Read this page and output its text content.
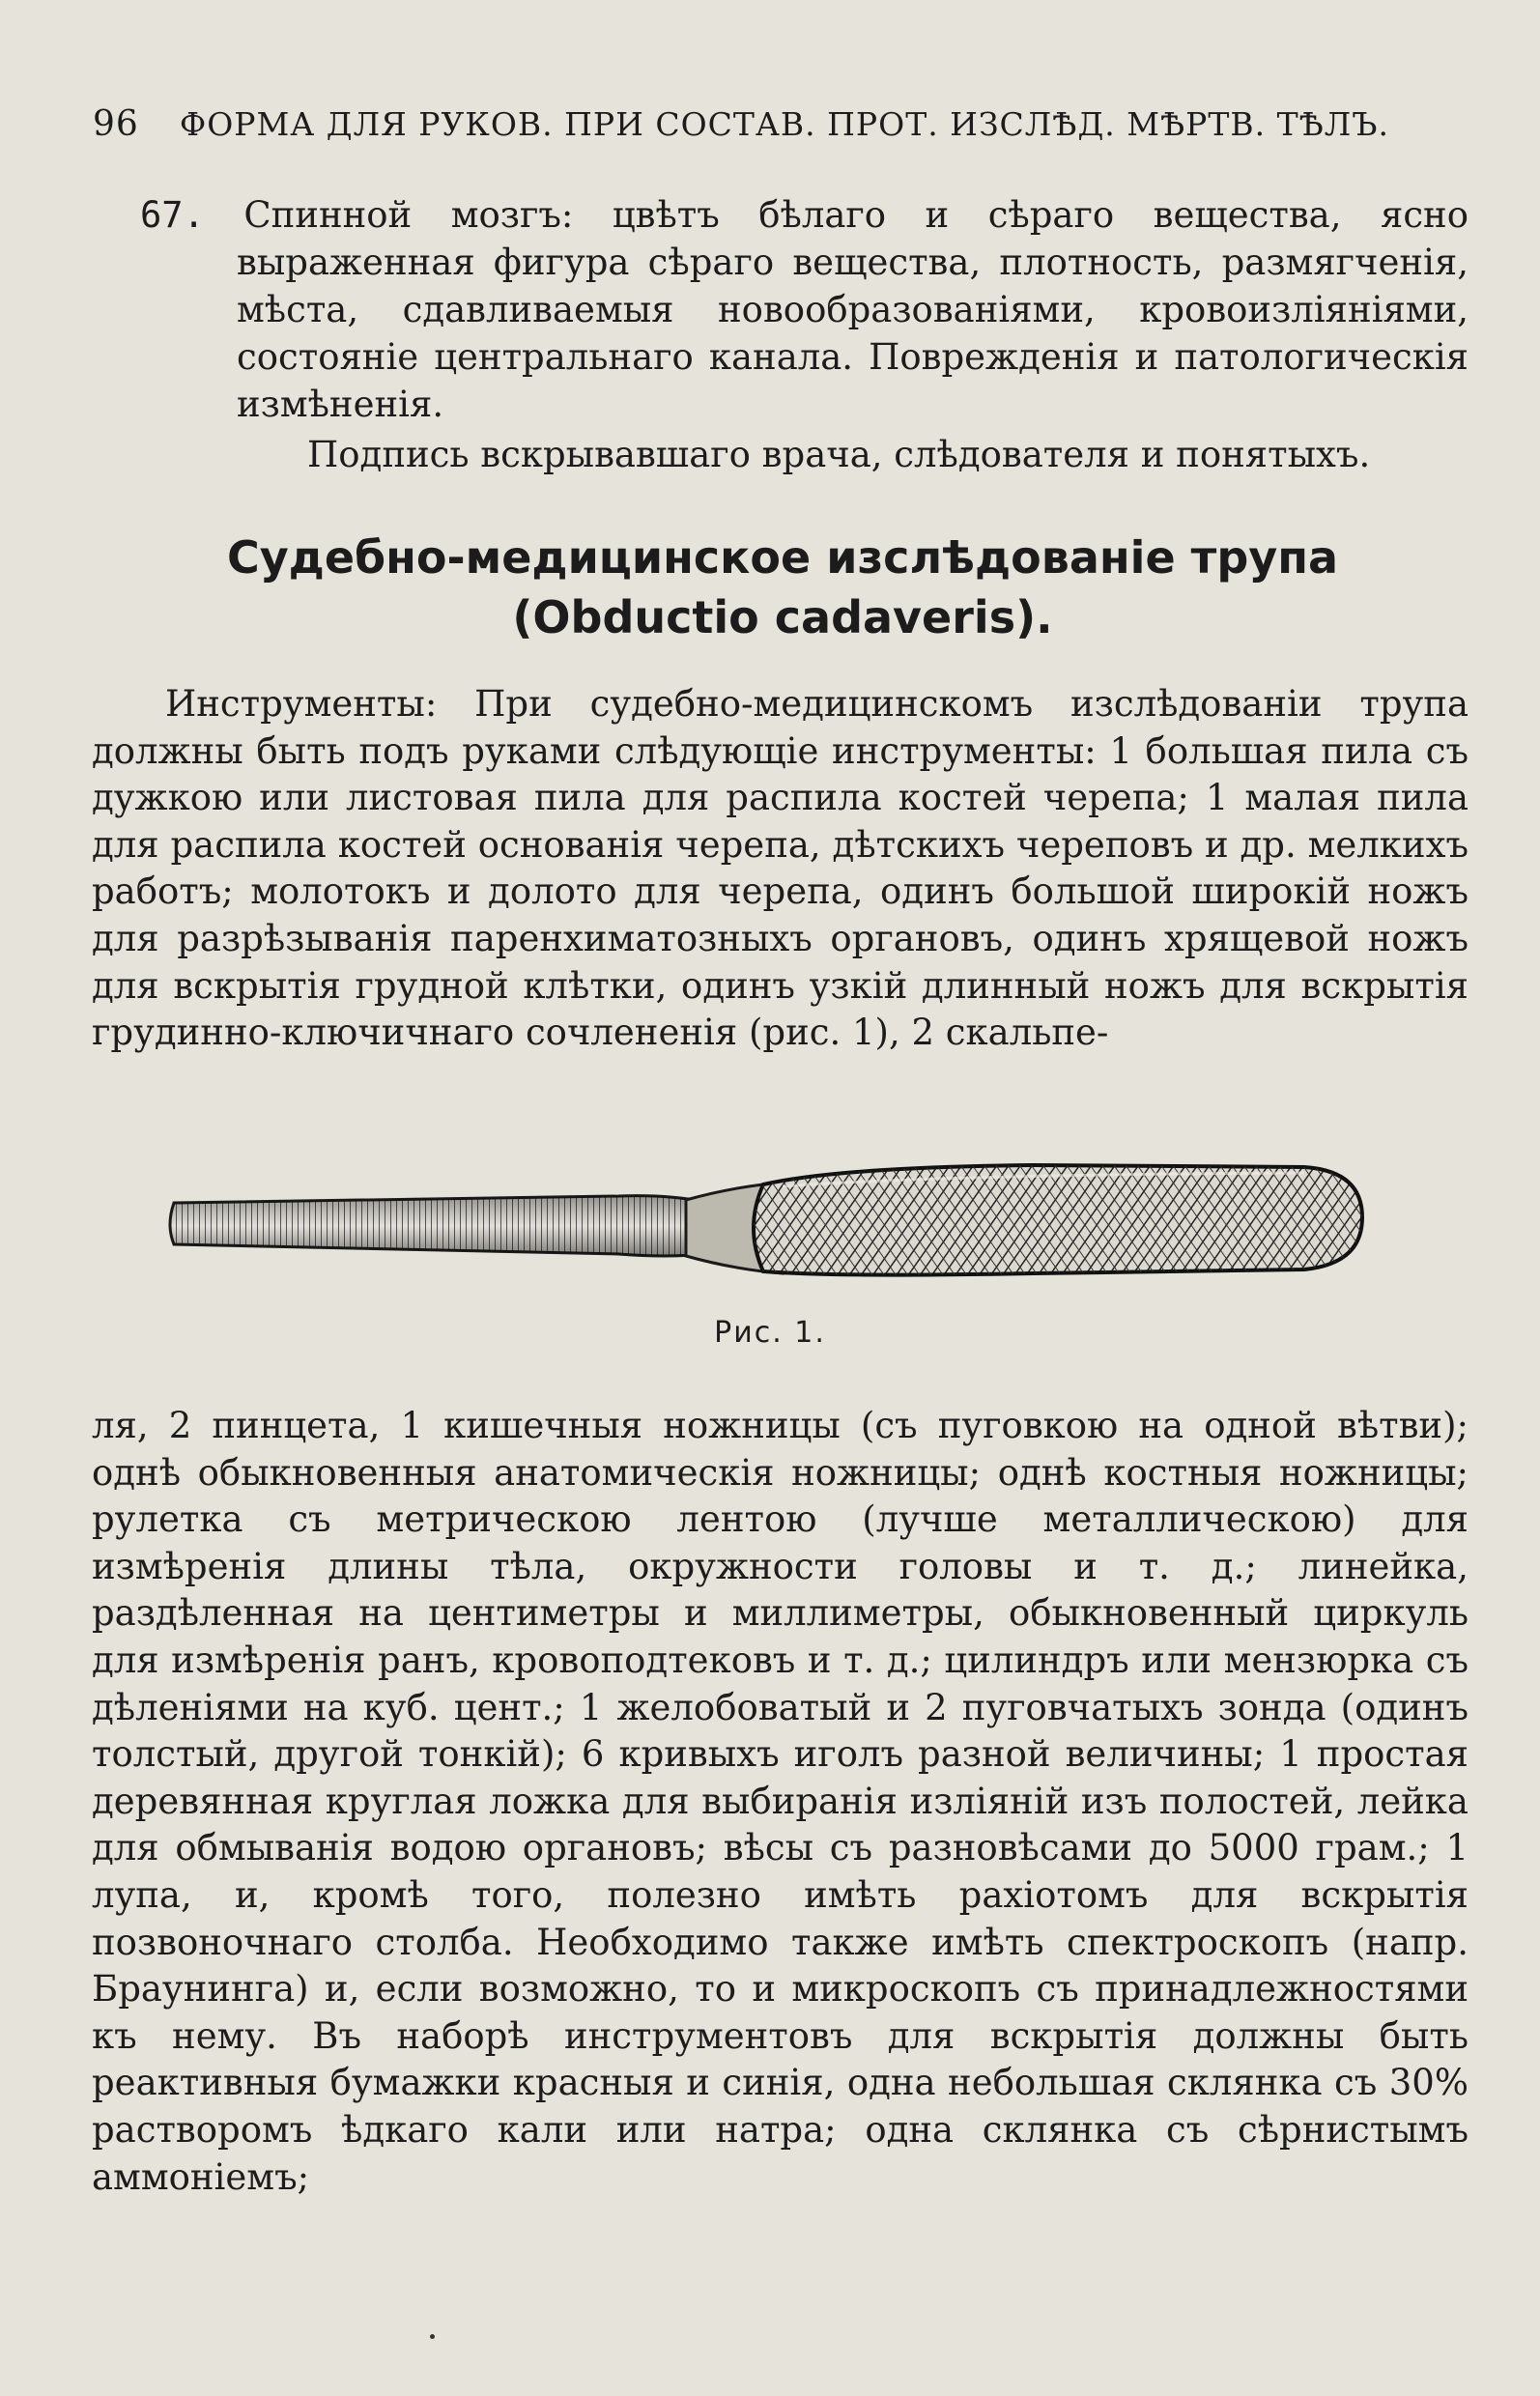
96 ФОРМА ДЛЯ РУКОВ. ПРИ СОСТАВ. ПРОТ. ИЗСЛѢД. МѢРТВ. ТѢЛЪ.

67. Спинной мозгъ: цвѣтъ бѣлаго и сѣраго вещества, ясно выраженная фигура сѣраго вещества, плотность, размягченія, мѣста, сдавливаемыя новообразованіями, кровоизліяніями, состояніе центральнаго канала. Поврежденія и патологическія измѣненія.

Подпись вскрывавшаго врача, слѣдователя и понятыхъ.
Судебно-медицинское изслѣдованіе трупа (Obductio cadaveris).

Инструменты: При судебно-медицинскомъ изслѣдованіи трупа должны быть подъ руками слѣдующіе инструменты: 1 большая пила съ дужкою или листовая пила для распила костей черепа; 1 малая пила для распила костей основанія черепа, дѣтскихъ череповъ и др. мелкихъ работъ; молотокъ и долото для черепа, одинъ большой широкій ножъ для разрѣзыванія паренхиматозныхъ органовъ, одинъ хрящевой ножъ для вскрытія грудной клѣтки, одинъ узкій длинный ножъ для вскрытія грудинно-ключичнаго сочлененія (рис. 1), 2 скальпе-

Рис. 1.

ля, 2 пинцета, 1 кишечныя ножницы (съ пуговкою на одной вѣтви); однѣ обыкновенныя анатомическія ножницы; однѣ костныя ножницы; рулетка съ метрическою лентою (лучше металлическою) для измѣренія длины тѣла, окружности головы и т. д.; линейка, раздѣленная на центиметры и миллиметры, обыкновенный циркуль для измѣренія ранъ, кровоподтековъ и т. д.; цилиндръ или мензюрка съ дѣленіями на куб. цент.; 1 желобоватый и 2 пуговчатыхъ зонда (одинъ толстый, другой тонкій); 6 кривыхъ иголъ разной величины; 1 простая деревянная круглая ложка для выбиранія изліяній изъ полостей, лейка для обмыванія водою органовъ; вѣсы съ разновѣсами до 5000 грам.; 1 лупа, и, кромѣ того, полезно имѣть рахіотомъ для вскрытія позвоночнаго столба. Необходимо также имѣть спектроскопъ (напр. Браунинга) и, если возможно, то и микроскопъ съ принадлежностями къ нему. Въ наборѣ инструментовъ для вскрытія должны быть реактивныя бумажки красныя и синія, одна небольшая склянка съ 30% растворомъ ѣдкаго кали или натра; одна склянка съ сѣрнистымъ аммоніемъ;
